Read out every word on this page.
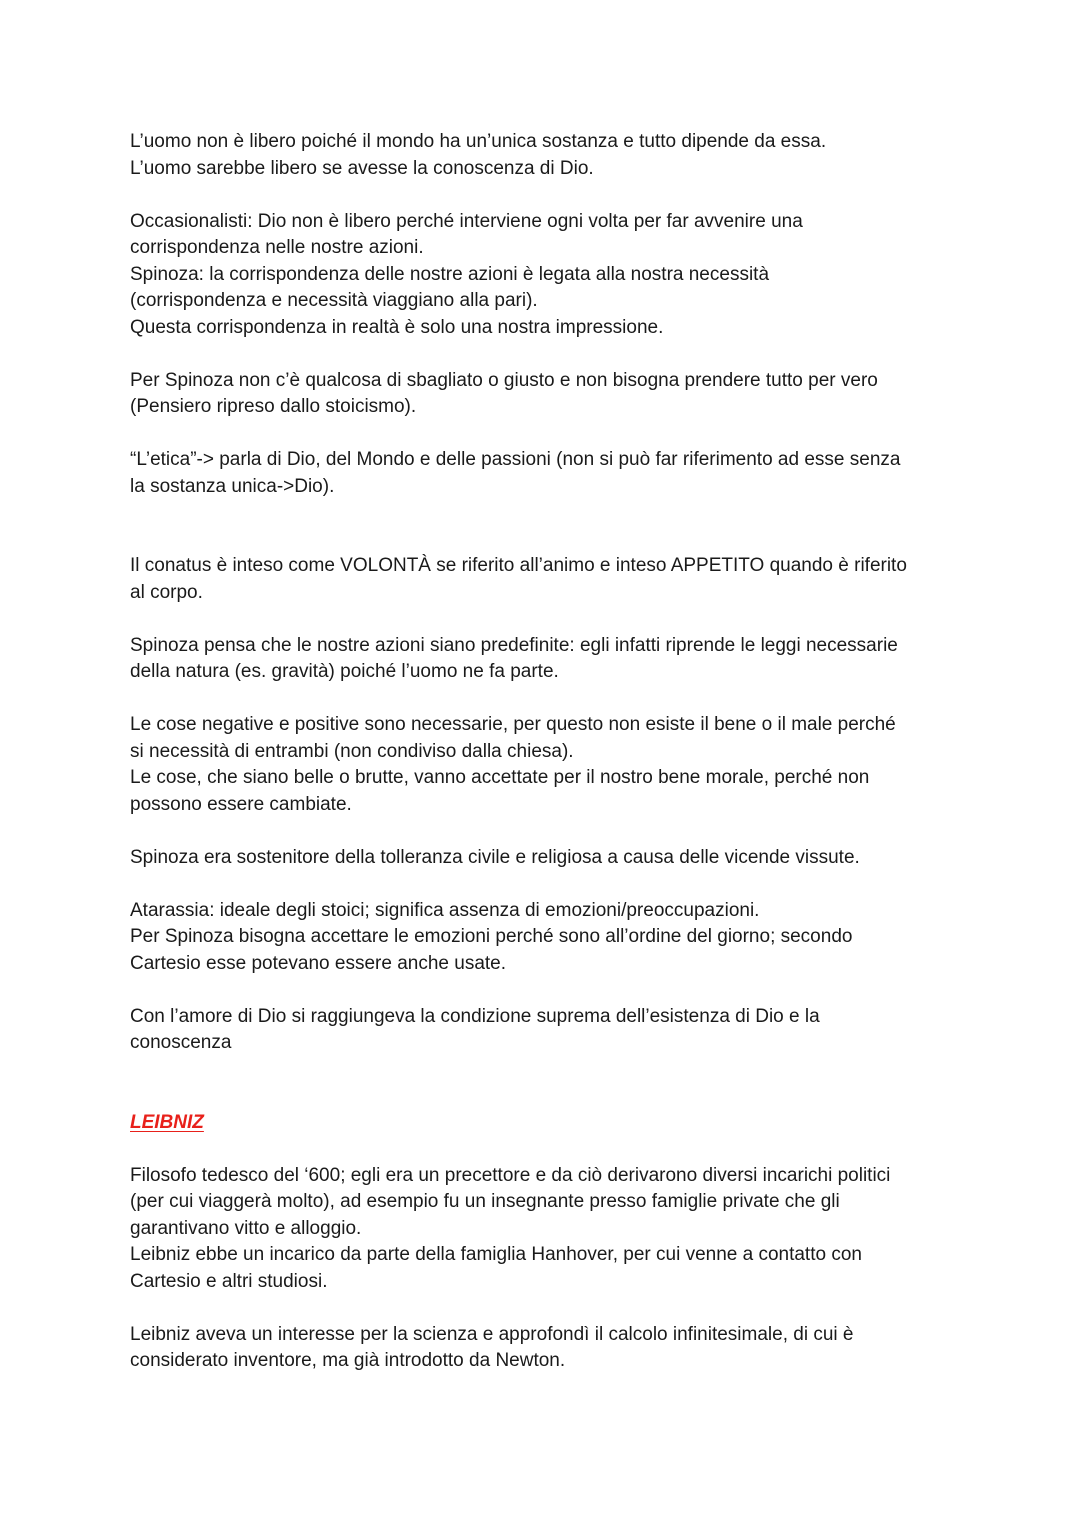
L’uomo non è libero poiché il mondo ha un’unica sostanza e tutto dipende da essa.
L’uomo sarebbe libero se avesse la conoscenza di Dio.
Occasionalisti: Dio non è libero perché interviene ogni volta per far avvenire una
corrispondenza nelle nostre azioni.
Spinoza: la corrispondenza delle nostre azioni è legata alla nostra necessità
(corrispondenza e necessità viaggiano alla pari).
Questa corrispondenza in realtà è solo una nostra impressione.
Per Spinoza non c’è qualcosa di sbagliato o giusto e non bisogna prendere tutto per vero
(Pensiero ripreso dallo stoicismo).
“L’etica”-> parla di Dio, del Mondo e delle passioni (non si può far riferimento ad esse senza
la sostanza unica->Dio).
Il conatus è inteso come VOLONTÀ se riferito all’animo e inteso APPETITO quando è riferito
al corpo.
Spinoza pensa che le nostre azioni siano predefinite: egli infatti riprende le leggi necessarie
della natura (es. gravità) poiché l’uomo ne fa parte.
Le cose negative e positive sono necessarie, per questo non esiste il bene o il male perché
si necessità di entrambi (non condiviso dalla chiesa).
Le cose, che siano belle o brutte, vanno accettate per il nostro bene morale, perché non
possono essere cambiate.
Spinoza era sostenitore della tolleranza civile e religiosa a causa delle vicende vissute.
Atarassia: ideale degli stoici; significa assenza di emozioni/preoccupazioni.
Per Spinoza bisogna accettare le emozioni perché sono all’ordine del giorno; secondo
Cartesio esse potevano essere anche usate.
Con l’amore di Dio si raggiungeva la condizione suprema dell’esistenza di Dio e la
conoscenza
LEIBNIZ
Filosofo tedesco del ‘600; egli era un precettore e da ciò derivarono diversi incarichi politici
(per cui viaggerà molto), ad esempio fu un insegnante presso famiglie private che gli
garantivano vitto e alloggio.
Leibniz ebbe un incarico da parte della famiglia Hanhover, per cui venne a contatto con
Cartesio e altri studiosi.
Leibniz aveva un interesse per la scienza e approfondì il calcolo infinitesimale, di cui è
considerato inventore, ma già introdotto da Newton.
